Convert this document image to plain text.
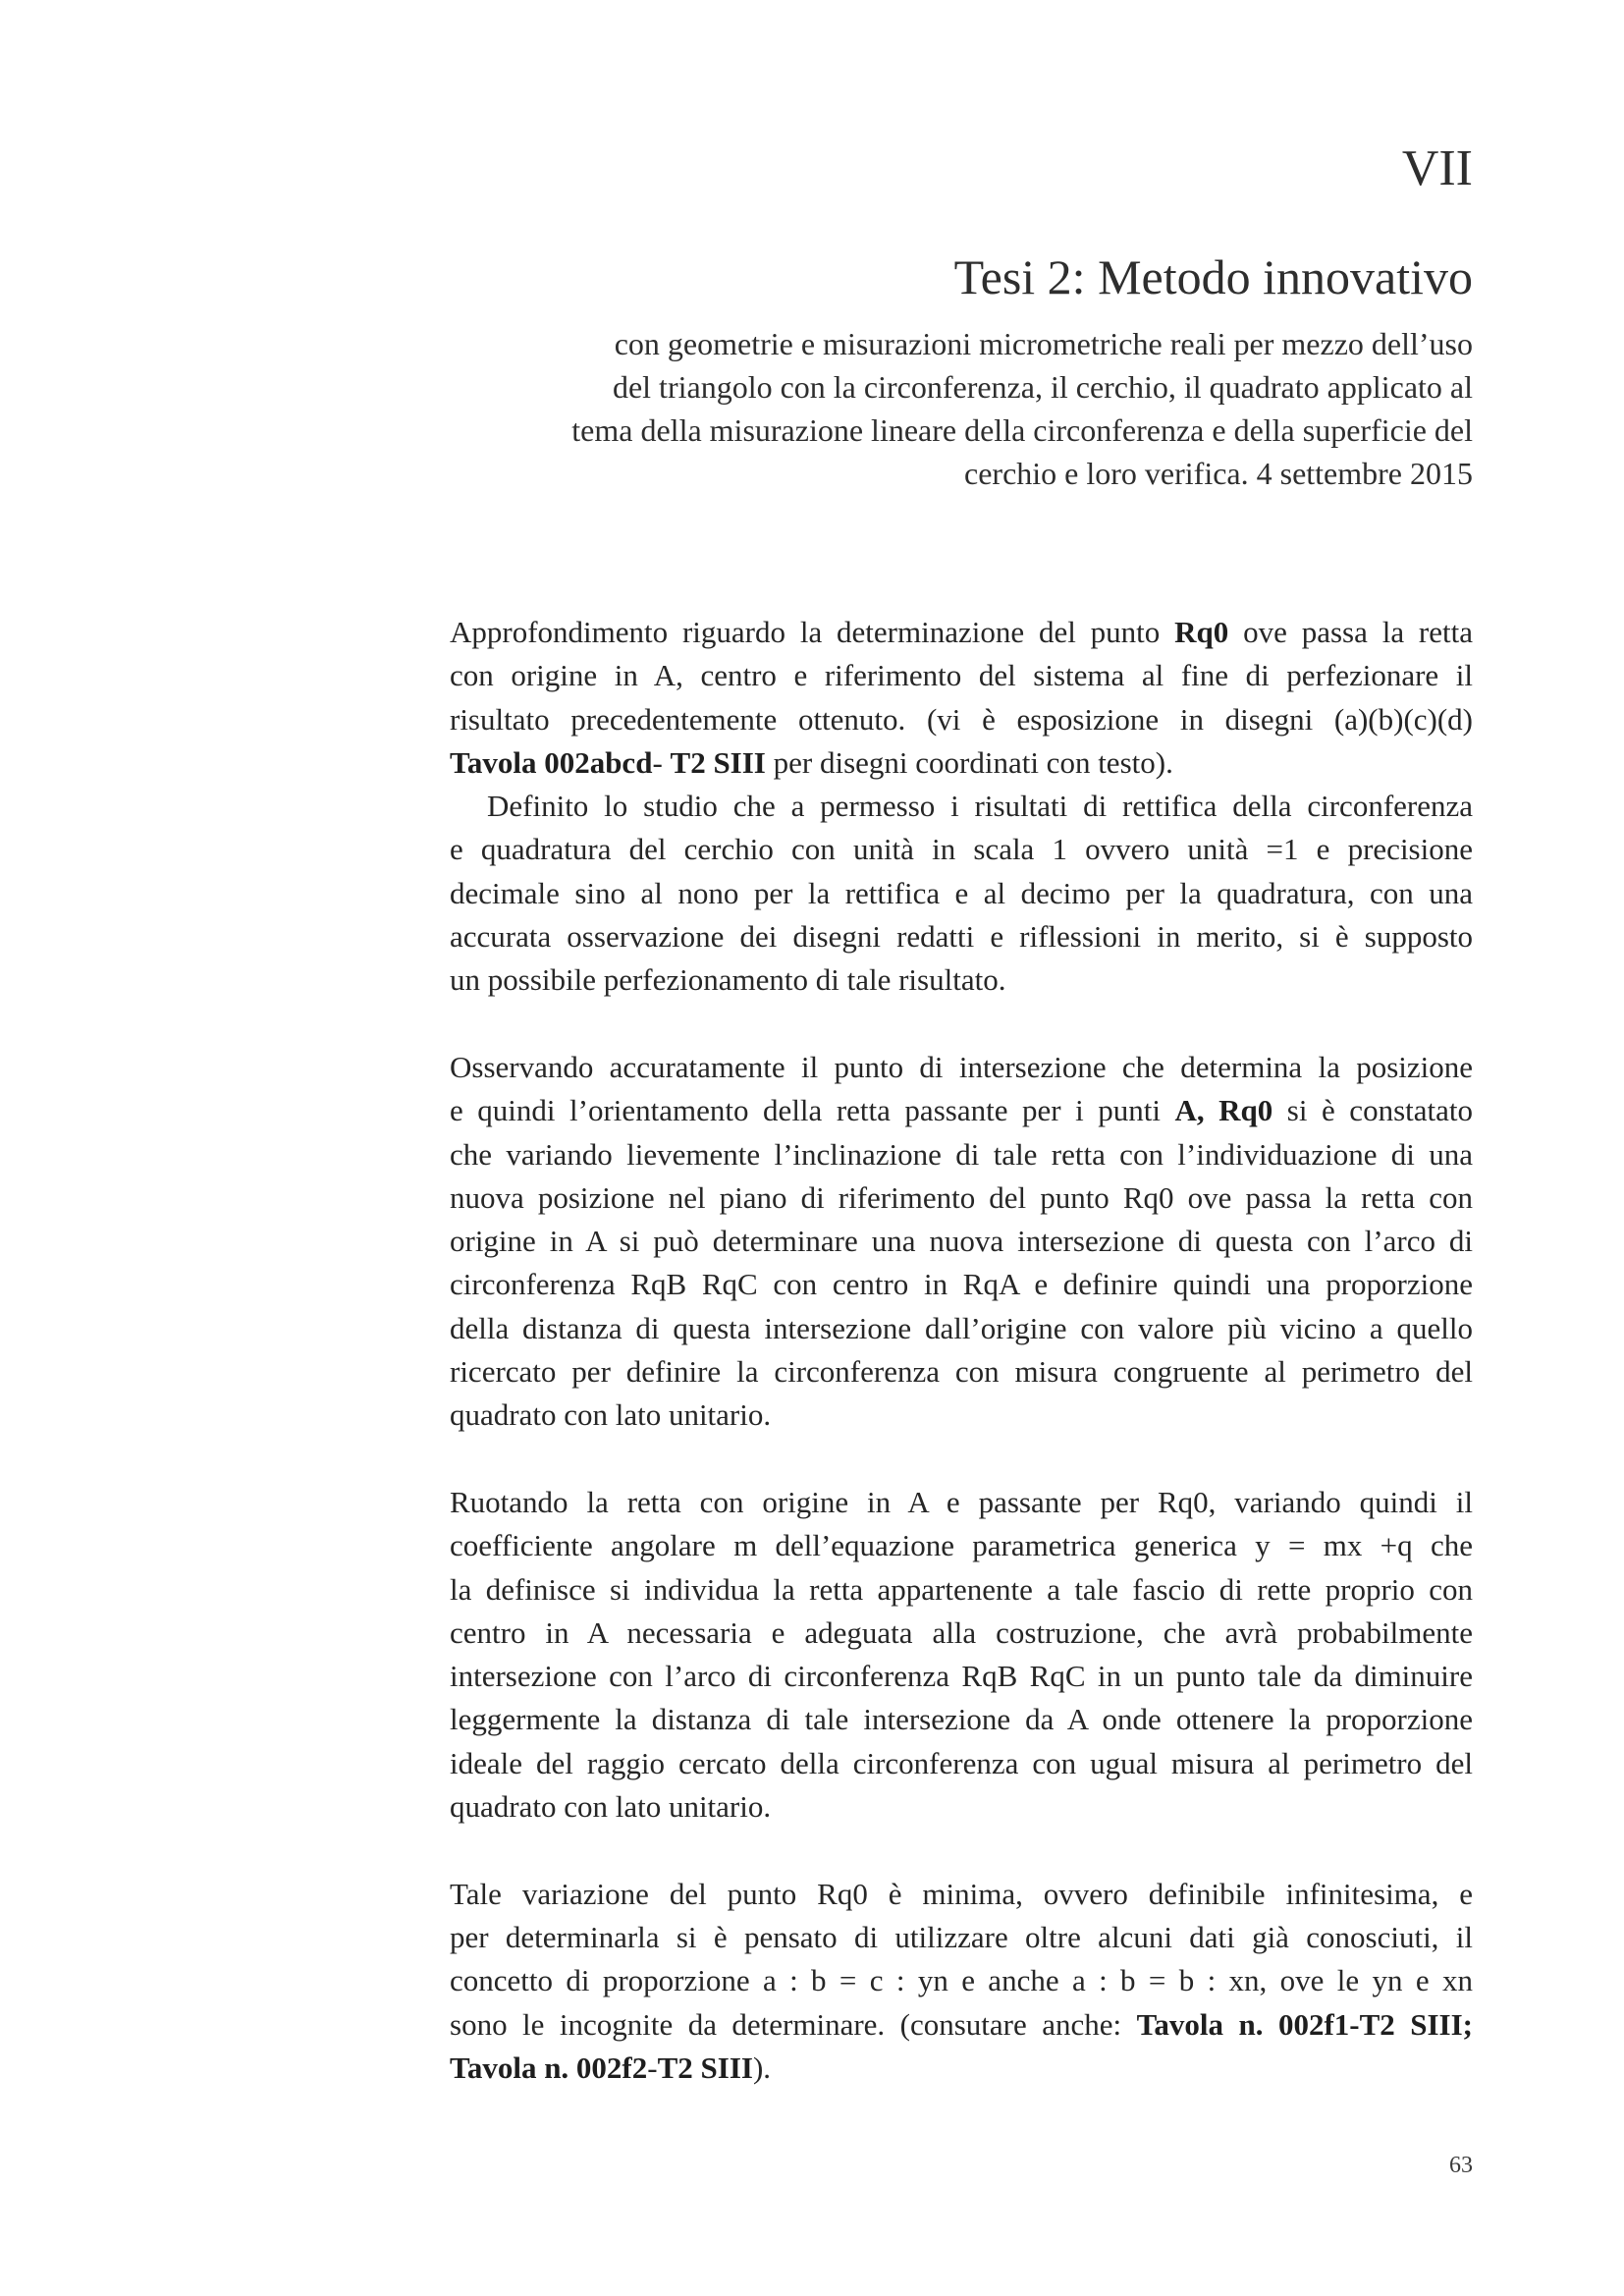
VII
Tesi 2: Metodo innovativo
con geometrie e misurazioni micrometriche reali per mezzo dell’uso
del triangolo con la circonferenza, il cerchio, il quadrato applicato al
tema della misurazione lineare della circonferenza e della superficie del
cerchio e loro verifica. 4 settembre 2015
Approfondimento riguardo la determinazione del punto Rq0 ove passa la retta
con origine in A, centro e riferimento del sistema al fine di perfezionare il
risultato precedentemente ottenuto. (vi è esposizione in disegni (a)(b)(c)(d)
Tavola 002abcd- T2 SIII per disegni coordinati con testo).
Definito lo studio che a permesso i risultati di rettifica della circonferenza
e quadratura del cerchio con unità in scala 1 ovvero unità =1 e precisione
decimale sino al nono per la rettifica e al decimo per la quadratura, con una
accurata osservazione dei disegni redatti e riflessioni in merito, si è supposto
un possibile perfezionamento di tale risultato.
Osservando accuratamente il punto di intersezione che determina la posizione
e quindi l’orientamento della retta passante per i punti A, Rq0 si è constatato
che variando lievemente l’inclinazione di tale retta con l’individuazione di una
nuova posizione nel piano di riferimento del punto Rq0 ove passa la retta con
origine in A si può determinare una nuova intersezione di questa con l’arco di
circonferenza RqB RqC con centro in RqA e definire quindi una proporzione
della distanza di questa intersezione dall’origine con valore più vicino a quello
ricercato per definire la circonferenza con misura congruente al perimetro del
quadrato con lato unitario.
Ruotando la retta con origine in A e passante per Rq0, variando quindi il
coefficiente angolare m dell’equazione parametrica generica y = mx +q che
la definisce si individua la retta appartenente a tale fascio di rette proprio con
centro in A necessaria e adeguata alla costruzione, che avrà probabilmente
intersezione con l’arco di circonferenza RqB RqC in un punto tale da diminuire
leggermente la distanza di tale intersezione da A onde ottenere la proporzione
ideale del raggio cercato della circonferenza con ugual misura al perimetro del
quadrato con lato unitario.
Tale variazione del punto Rq0 è minima, ovvero definibile infinitesima, e
per determinarla si è pensato di utilizzare oltre alcuni dati già conosciuti, il
concetto di proporzione a : b = c : yn e anche a : b = b : xn, ove le yn e xn
sono le incognite da determinare. (consutare anche: Tavola n. 002f1-T2 SIII;
Tavola n. 002f2-T2 SIII).
63
